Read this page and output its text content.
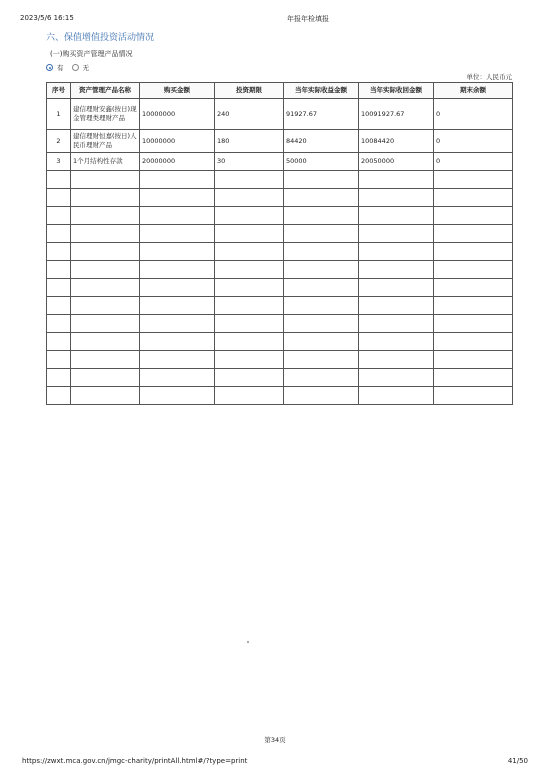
2023/5/6 16:15	年报年检填报
六、保值增值投资活动情况
(一)购买资产管理产品情况
有	无
单位：人民币元
序号	资产管理产品名称	购买金额	投资期限	当年实际收益金额	当年实际收回金额	期末余额
1	建信理财安鑫(按日)现金管理类理财产品	10000000	240	91927.67	10091927.67	0
2	建信理财恒嘉(按日)人民币理财产品	10000000	180	84420	10084420	0
3	1个月结构性存款	20000000	30	50000	20050000	0

第34页
https://zwxt.mca.gov.cn/jmgc-charity/printAll.html#/?type=print	41/50
